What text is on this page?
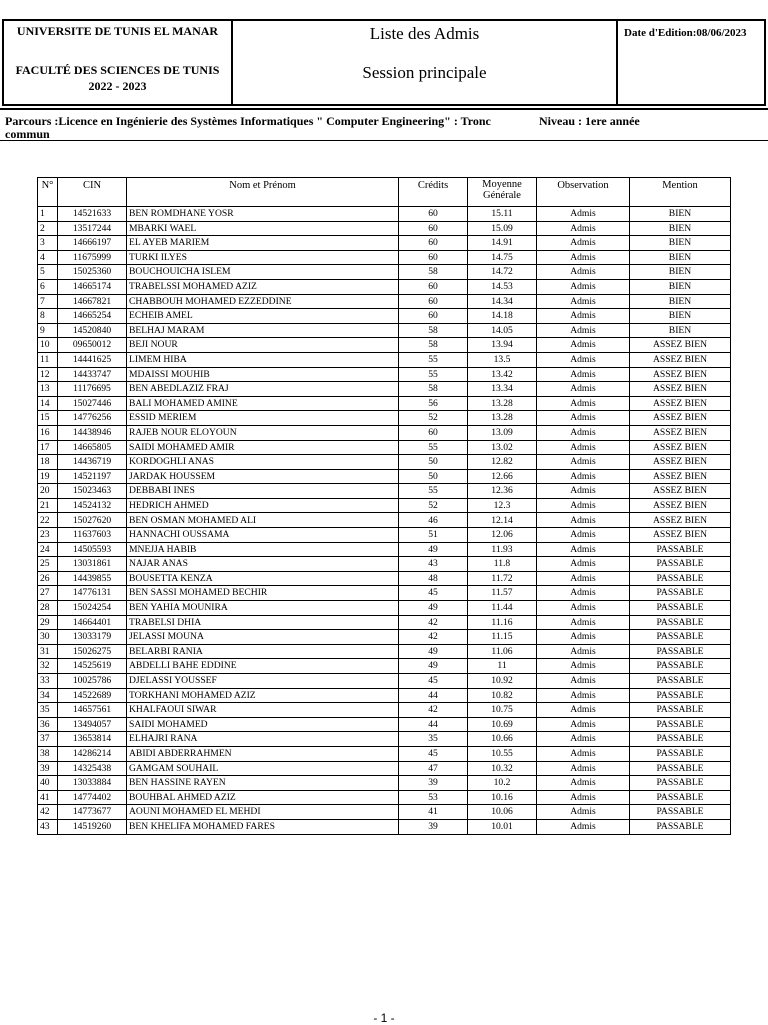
UNIVERSITE DE TUNIS EL MANAR
FACULTÉ DES SCIENCES DE TUNIS
2022 - 2023
Liste des Admis
Session principale
Date d'Edition:08/06/2023
Parcours :Licence en Ingénierie des Systèmes Informatiques " Computer Engineering" : Tronc
commun
Niveau : 1ere année
N°	CIN	Nom et Prénom	Crédits	Moyenne Générale	Observation	Mention
1	14521633	BEN ROMDHANE YOSR	60	15.11	Admis	BIEN
2	13517244	MBARKI WAEL	60	15.09	Admis	BIEN
3	14666197	EL AYEB MARIEM	60	14.91	Admis	BIEN
4	11675999	TURKI ILYES	60	14.75	Admis	BIEN
5	15025360	BOUCHOUICHA ISLEM	58	14.72	Admis	BIEN
6	14665174	TRABELSSI MOHAMED AZIZ	60	14.53	Admis	BIEN
7	14667821	CHABBOUH MOHAMED EZZEDDINE	60	14.34	Admis	BIEN
8	14665254	ECHEIB AMEL	60	14.18	Admis	BIEN
9	14520840	BELHAJ MARAM	58	14.05	Admis	BIEN
10	09650012	BEJI NOUR	58	13.94	Admis	ASSEZ BIEN
11	14441625	LIMEM HIBA	55	13.5	Admis	ASSEZ BIEN
12	14433747	MDAISSI MOUHIB	55	13.42	Admis	ASSEZ BIEN
13	11176695	BEN ABEDLAZIZ FRAJ	58	13.34	Admis	ASSEZ BIEN
14	15027446	BALI MOHAMED AMINE	56	13.28	Admis	ASSEZ BIEN
15	14776256	ESSID MERIEM	52	13.28	Admis	ASSEZ BIEN
16	14438946	RAJEB NOUR ELOYOUN	60	13.09	Admis	ASSEZ BIEN
17	14665805	SAIDI MOHAMED AMIR	55	13.02	Admis	ASSEZ BIEN
18	14436719	KORDOGHLI ANAS	50	12.82	Admis	ASSEZ BIEN
19	14521197	JARDAK HOUSSEM	50	12.66	Admis	ASSEZ BIEN
20	15023463	DEBBABI INES	55	12.36	Admis	ASSEZ BIEN
21	14524132	HEDRICH AHMED	52	12.3	Admis	ASSEZ BIEN
22	15027620	BEN OSMAN MOHAMED ALI	46	12.14	Admis	ASSEZ BIEN
23	11637603	HANNACHI OUSSAMA	51	12.06	Admis	ASSEZ BIEN
24	14505593	MNEJJA HABIB	49	11.93	Admis	PASSABLE
25	13031861	NAJAR ANAS	43	11.8	Admis	PASSABLE
26	14439855	BOUSETTA KENZA	48	11.72	Admis	PASSABLE
27	14776131	BEN SASSI MOHAMED BECHIR	45	11.57	Admis	PASSABLE
28	15024254	BEN YAHIA MOUNIRA	49	11.44	Admis	PASSABLE
29	14664401	TRABELSI DHIA	42	11.16	Admis	PASSABLE
30	13033179	JELASSI MOUNA	42	11.15	Admis	PASSABLE
31	15026275	BELARBI RANIA	49	11.06	Admis	PASSABLE
32	14525619	ABDELLI BAHE EDDINE	49	11	Admis	PASSABLE
33	10025786	DJELASSI YOUSSEF	45	10.92	Admis	PASSABLE
34	14522689	TORKHANI MOHAMED AZIZ	44	10.82	Admis	PASSABLE
35	14657561	KHALFAOUI SIWAR	42	10.75	Admis	PASSABLE
36	13494057	SAIDI MOHAMED	44	10.69	Admis	PASSABLE
37	13653814	ELHAJRI RANA	35	10.66	Admis	PASSABLE
38	14286214	ABIDI ABDERRAHMEN	45	10.55	Admis	PASSABLE
39	14325438	GAMGAM SOUHAIL	47	10.32	Admis	PASSABLE
40	13033884	BEN HASSINE RAYEN	39	10.2	Admis	PASSABLE
41	14774402	BOUHBAL AHMED AZIZ	53	10.16	Admis	PASSABLE
42	14773677	AOUNI MOHAMED EL MEHDI	41	10.06	Admis	PASSABLE
43	14519260	BEN KHELIFA MOHAMED FARES	39	10.01	Admis	PASSABLE
- 1 -
